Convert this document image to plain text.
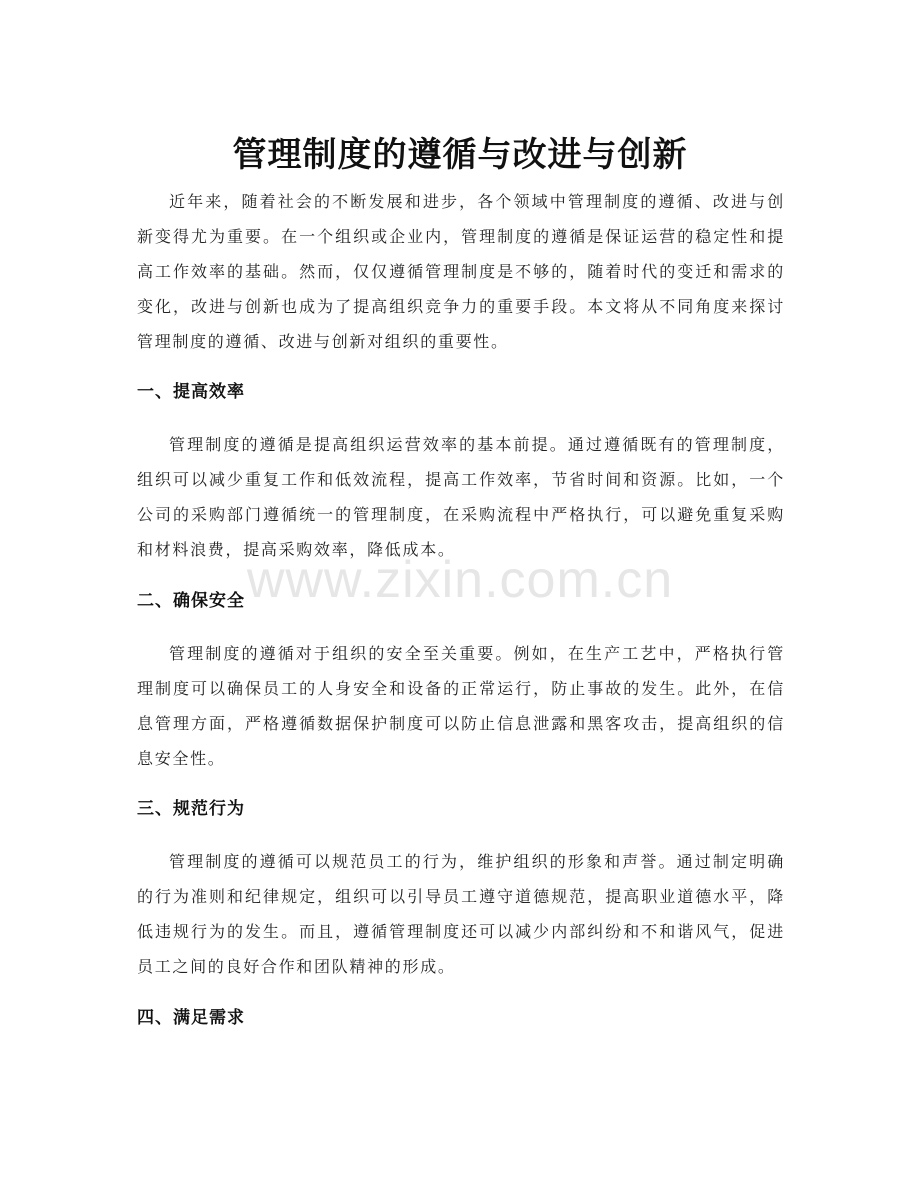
管理制度的遵循与改进与创新

近年来，随着社会的不断发展和进步，各个领域中管理制度的遵循、改进与创新变得尤为重要。在一个组织或企业内，管理制度的遵循是保证运营的稳定性和提高工作效率的基础。然而，仅仅遵循管理制度是不够的，随着时代的变迁和需求的变化，改进与创新也成为了提高组织竞争力的重要手段。本文将从不同角度来探讨管理制度的遵循、改进与创新对组织的重要性。

一、提高效率

管理制度的遵循是提高组织运营效率的基本前提。通过遵循既有的管理制度，组织可以减少重复工作和低效流程，提高工作效率，节省时间和资源。比如，一个公司的采购部门遵循统一的管理制度，在采购流程中严格执行，可以避免重复采购和材料浪费，提高采购效率，降低成本。

二、确保安全

管理制度的遵循对于组织的安全至关重要。例如，在生产工艺中，严格执行管理制度可以确保员工的人身安全和设备的正常运行，防止事故的发生。此外，在信息管理方面，严格遵循数据保护制度可以防止信息泄露和黑客攻击，提高组织的信息安全性。

三、规范行为

管理制度的遵循可以规范员工的行为，维护组织的形象和声誉。通过制定明确的行为准则和纪律规定，组织可以引导员工遵守道德规范，提高职业道德水平，降低违规行为的发生。而且，遵循管理制度还可以减少内部纠纷和不和谐风气，促进员工之间的良好合作和团队精神的形成。

四、满足需求
www.zixin.com.cn
